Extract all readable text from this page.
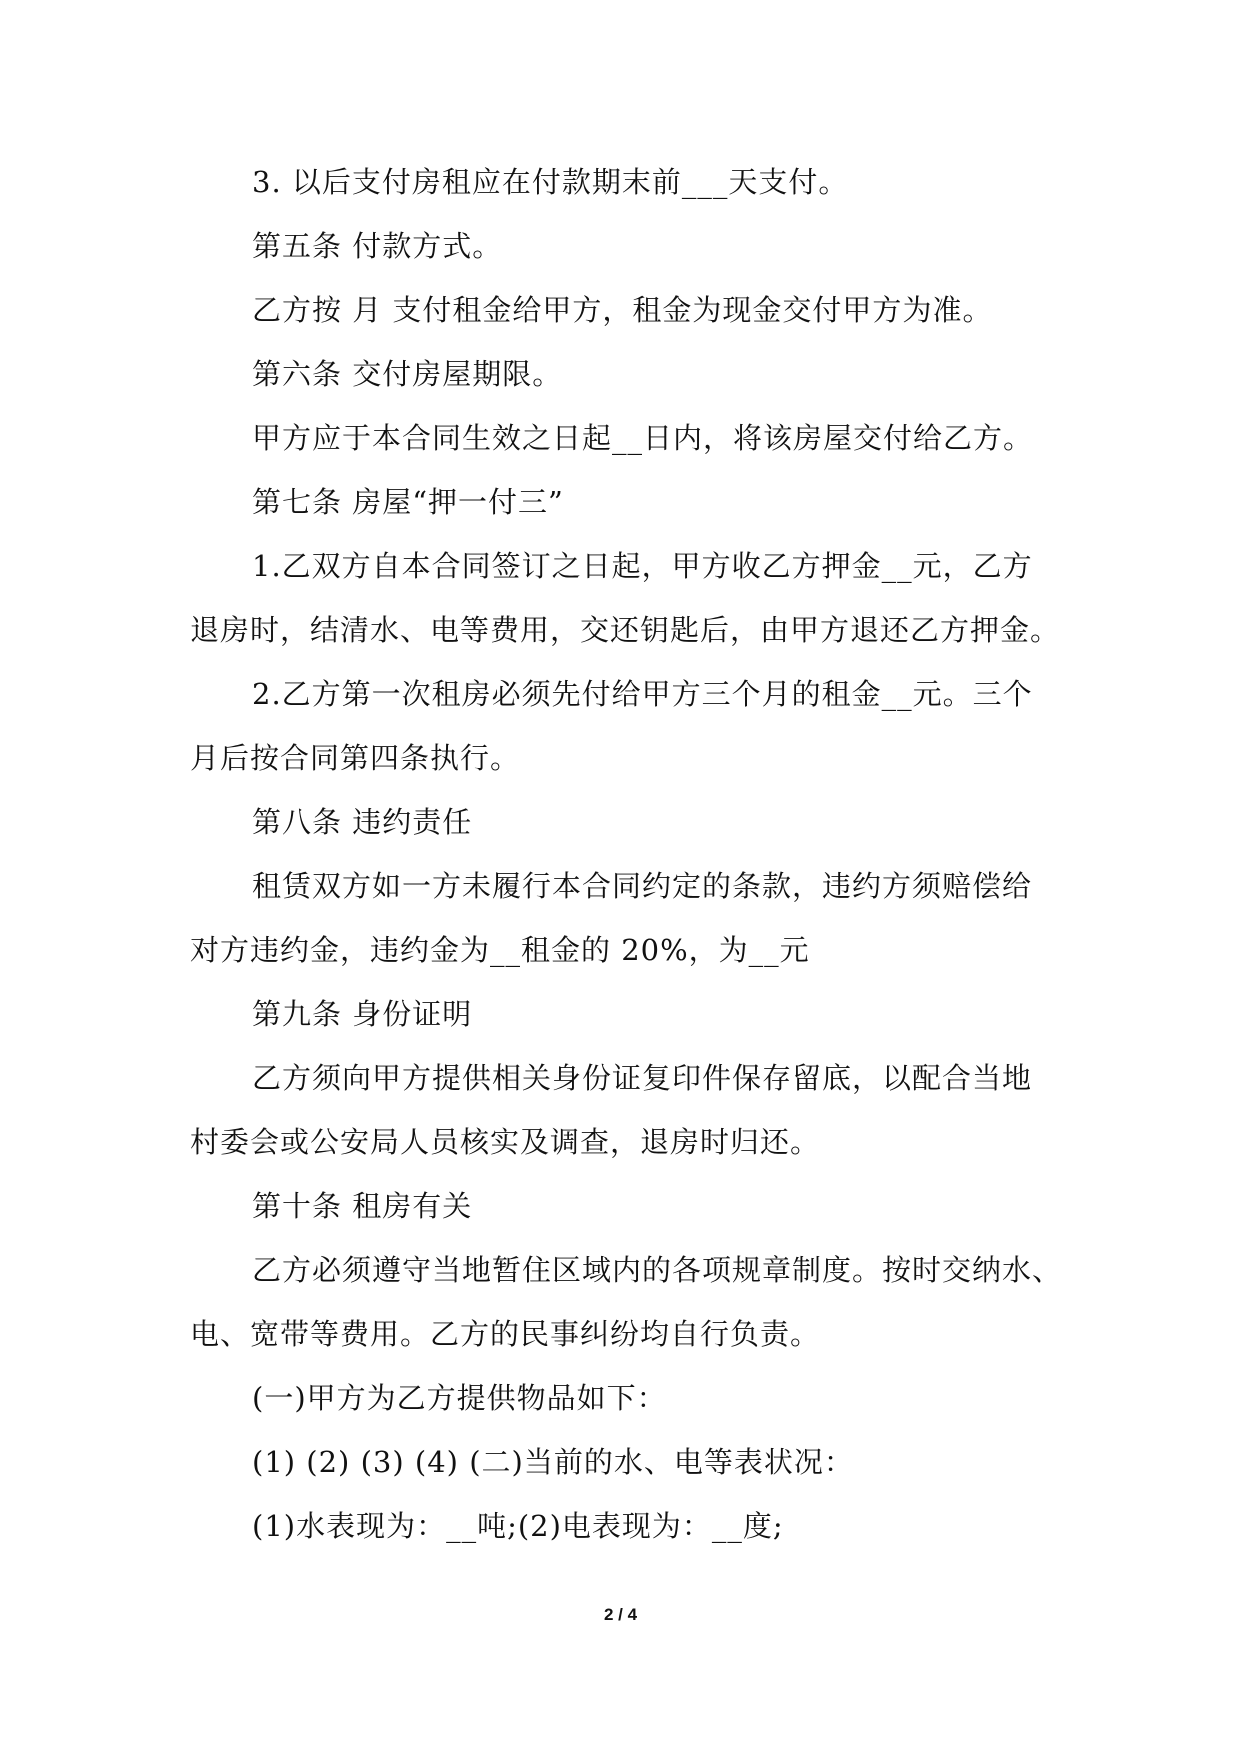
3. 以后支付房租应在付款期末前___天支付。
第五条 付款方式。
乙方按 月 支付租金给甲方，租金为现金交付甲方为准。
第六条 交付房屋期限。
甲方应于本合同生效之日起__日内，将该房屋交付给乙方。
第七条 房屋“押一付三”
1.乙双方自本合同签订之日起，甲方收乙方押金__元，乙方
退房时，结清水、电等费用，交还钥匙后，由甲方退还乙方押金。
2.乙方第一次租房必须先付给甲方三个月的租金__元。三个
月后按合同第四条执行。
第八条 违约责任
租赁双方如一方未履行本合同约定的条款，违约方须赔偿给
对方违约金，违约金为__租金的 20%，为__元
第九条 身份证明
乙方须向甲方提供相关身份证复印件保存留底，以配合当地
村委会或公安局人员核实及调查，退房时归还。
第十条 租房有关
乙方必须遵守当地暂住区域内的各项规章制度。按时交纳水、
电、宽带等费用。乙方的民事纠纷均自行负责。
(一)甲方为乙方提供物品如下：
(1) (2) (3) (4) (二)当前的水、电等表状况：
(1)水表现为：__吨;(2)电表现为：__度;
2 / 4
